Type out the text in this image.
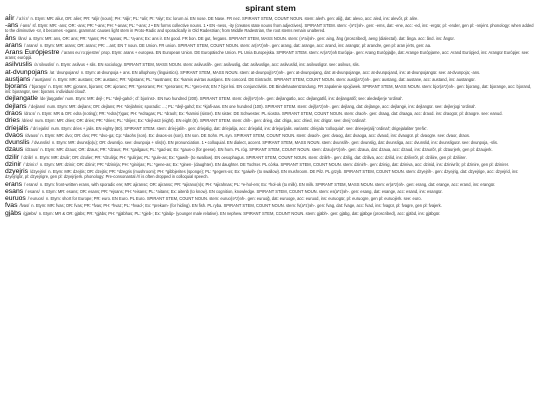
spirant stem
aĺír /ˈaːlʲiːr/ n. Etym: MR: aliur, OR: alier; PR: *aljir (noun); PH: *aljir; PL: *alir; PI: *alyr; Ex: lorum ai. EN nose. DE Nase. FR nez. SPIRANT STEM, COUNT NOUN. stem: alerh. gen: aliğ, dat: alevo, acc: aled, ins: alevőr, pl: alire.
-ans /-ans/ sf. Etym: MR: -ans; OR: -ans; PR: *-ans; PH: *-anas; PL: *-ans; J • EN forms collective nouns. 1 • EN -ness, -ity (creates state nouns from adjectives). SPIRANT STEM. stem: -(ə*z)əh-. gen: -ems, dat: -ene, acc: -ed, ins: -ergür, pl: -ender, gen pl: -ənjėnt. phonology: when added to the diminutive -ür, it becomes -əgans. grammar: causes light stem in Proto-Radic and sporadically in Old Radestrian; from Middle Radestrian, the root stems remain unaltered.
ǻns /ãns/ a. Etym: MR: ans, OR: ans; PR: *ąans; PH: *ąanas; PL: *ą-ans; Ex: ans ir. EN good. FR bon. DE gut, fergans. SPIRANT STEM, MASS NOUN. stem: (ə*ai)əh-. gen: aing, ăng (proscribed), aeng (dialectal). dat: ånga. acc: ånd. ins: ångür.
arans /ˈarans/ n. Etym: MR: arans; OR: aranc; PR: ...ant; EN 7 noun. DE Union. FR union. SPIRANT STEM, COUNT NOUN. stem: ar(ə*z)əh-. gen: arang, dat: arange, acc: arand, ins: arangür, pl: arandre, gen pl: aran jėrts, gen: aa.
Arans Európjestre /ˈarans euˈroːpjestre/ prop. Etym: arans + europea. EN European Union. DE Europäische Union. PL Unia Europejska. SPIRANT STEM. stem: Ar(a*z)əh Európja-. gen: Arang Európjağe, dat: Arange Európjame, acc: Arand Európjed, ins: Arangür Európjer. see: arans; európjá.
asilvuslis /aˈsilvuslis/ n. Etym: asilvus + slis. EN sociology. SPIRANT STEM, MASS NOUN. stem: asilvuslih-. gen: asilvuslig, dat: asilvuslige, acc: asilvuslid, ins: asilvusligür. see: asilvus, slis.
at-dvunpojans /at ˈdvunpojans/ n. Etym: at-dvunpoja + ans. EN allophony (linguistics). SPIRANT STEM, MASS NOUN. stem: at-dvunpoj(ə*z)əh-. gen: at-dvunpojang, dat: at-dvunpojange, acc: at-dvunpojand, ins: at-dvunpojangür. see: at-dvunpoja; -ans.
austjans /ˈaustjans/ n. Etym: MR: austans; OR: austanc; PR: *aþstans; PL: *austnans; Ex: *kamis avirtas austjans. EN concord. DE Eintracht. SPIRANT STEM, COUNT NOUN. stem: austj(a*z)əh-. gen: austang, dat: austane, acc: austand, ins: austangür.
bjorans /ˈbjoran̪s/ n. Etym: MR: gjorans, bjorans; OR: ajoranc; PR: *gerorans; PH: *gerorans; PL: *gero-mā; EN 7 bjor ksi. EN conjunctivitis. DE Bindehautentzündung. FR zapalenie spojówek. SPIRANT STEM, MASS NOUN. stem: bjor(a*z)əh-. gen: bjorang, dat: bjorange, acc: bjorand, ins: bjorangür, see: bjorans. individual cloud'.
dejlangatle /deˈjlaŋgatle/ num. Etym: MR: dejl-; PL: *dejl-gahd-; cf: bjorinst-. EN two hundred (200). SPIRANT STEM. stem: dejl(ə*z)əh-. gen: dejlangatlo, acc: dejlangatlő, ins: dejlangatlő; see: alededjerje 'ordinal'.
dejlans /ˈdejlans/ num. Etym: MR: dejlans; OR: dejlans; PH: *dejlahnis; sporadic: ...; PL: *dejl-gahd; Ex: *kjafi-aas. EN one hundred (100). SPIRANT STEM. stem: dejl(a*z)əh-. gen: dejlang, dat: dejlange, acc: dejlangė, ins: dejlangür. see: dejlerjogi 'ordinal'.
draos /dra:s/ n. Etym: MR & OR: edra (noting); PR: *edra(?)gas; PH: *edragas; PL: *draoh; Ex: *kamisi (sister). EN sister. DE Schwester. PL siostra. SPIRANT STEM, COUNT NOUN. stem: draoh-. gen: draag, dat: draaga, acc: draod. ins: draogür, pl: draogre. see: eanud.
dries /dries/ num. Etym: MR: dries; OR: dries; PR: *dries; PL: *drijes; Ex: *dejl-as3 (eight). EN eight (8). SPIRANT STEM. stem: drih-. gen: drieg, dat: driga, acc: dried, ins: drigür. see: dreij 'ordinal'.
dríejalis /ˈdriːejalis/ num. Etym: dries + jalis. EN eighty (80). SPIRANT STEM. stem: dríej-jalih-. gen: dríejalig, dat: dríejalija, acc: dríejalid, ins: dríejurijalis. variants: dríejala 'colloquial'. see: drieejerjalij 'ordinal'; drigejalaliter 'prefix'.
dvaos /dvaos/ n. Etym: MR: dvo; OR: dvo; PR: *dvo-ga; Cp: *daohs (son). Ex: dvaos-os (son). EN son. DE Sohn. PL syn. SPIRANT STEM, COUNT NOUN. stem: dvaoh-. gen: dvaog, dat: dvaoga, acc: dvaod, ins: dvaogür. pl: dvaogre. see: dvaor, draos.
dvunslis /ˈdvunslis/ n. Etym: MR: dvunsljo(u); OR: dvunsljo. see: dvunpoja + slis(s). EN pronunciation. 1 • colloquial. EN dialect, accent. SPIRANT STEM, MASS NOUN. stem: dvunslih-. gen: dvunslig, dat: dvunsliga, acc: dvunslid, ins: dvunsliguür. see: dvunpoja, -slis.
dzaus /dzaus/ n. Etym: MR: dzaus; OR: dzaus; PR: *dzaus; PH: *gailgaus; PL: *gad-as; Ex: *gaus-o (for geese). EN horn. PL róg. SPIRANT STEM, COUNT NOUN. stem: dzau(ə*z)əh-. gen: dzaua, dat: dzaua, acc: dzaud, ins: dzaurõr, pl: dzaurjerk, gen pl: dzaujerk.
dzilir /ˈdzilir/ n. Etym: MR: dzulir; OR: dzulier; PR: *dzulirja; PH: *gulirjas; PL: *gule-as; Ex: *gawih- (to swallow). EN oesophagus. SPIRANT STEM, COUNT NOUN. stem: dzilirh-. gen: dzilig, dat: dziliva, acc: dzilid, ins: dzilivrõr, pl: dziliire, gen pl: dziliirer.
dzinir /ˈdziniːr/ n. Etym: MR: dzinir; OR: dzinir; PR: *dzinirja; PH: *ginirjas; PL: *gene-as; Ex: *ginen- (daughter). EN daughter. DE Tochter. PL córka. SPIRANT STEM, COUNT NOUN. stem: dzinirh-. gen: dzinig, dat: dziniva, acc: dzinid, ins: dzinivrõr, pl: dzinire, gen pl: dzinirer.
dzyejris /dzyejris/ n. Etym: MR: dzejtis; OR: dzejtis; PR: *dzegris (mushroom); PH: *gibbjerites (sponge); PL: *gegers-os; Ex: *gaiwih- (to swallow). EN mushroom. DE Pilz. PL grzyb. SPIRANT STEM, COUNT NOUN. stem: dzyejrih-. gen: dzyejrig, dat: dzyejrige, acc: dzyejrid, ins: dzyejrigür, pl: dzyejrigre, gen pl: dzyejrijerk. phonology: Pre-consonantal /r/ is often dropped in colloquial speech.
erans /ˈerans/ n. Etym: front-written erans, with sporadic ere; MR: ajiransc; OR: ajiransc; PR: *ajirano(n)s; PH: *ajirahnas; PL: *e-hol-em; Ex: *hol-ok (to milk). EN milk. SPIRANT STEM, MASS NOUN. stem: er(a*z)əh-. gen: erang, dat: erange, acc: erand, ins: erangür.
esans /ˈesans/ n. Etym: MR: esans; OR: esans; PR: *ejsans; PH: *eisans; PL: *aitans; Ex: aitenb (to know). EN cognition, knowledge. SPIRANT STEM, COUNT NOUN. stem: es(a*z)əh-. gen: esang, dat: esange, acc: esand, ins: esangür.
euruos /ˈeuruos/ n. Etym: short for Europe; PR: euro. EN Euro. PL Euro. SPIRANT STEM, COUNT NOUN. stem: euruo(ə*z)əh-. gen: euruoğ, dat: euruoge, acc: euruod, ins: euruogür, pl: euruogre, gen pl: euruojėrk. see: euro.
fvas /fvas/ n. Etym: MR: fvas; OR: fvas; PR: *fvas; PH: *hvaz; PL: *hvad-; Ex: *prekam- (for hiding). EN fish. PL ryba. SPIRANT STEM, COUNT NOUN. stem: fv(a*z)əh-. gen: fvag, dat: fvage, acc: fvad, ins: fvagür, pl: fvagre, gen pl: fvajerk.
gjäbs /gjæbs/ n. Etym: MR & OR: gjäbs; PR: *gjäbs; PH: *gjäbhas; PL: *gjeb-; Ex: *glaŭp- (younger male relative). EN nephew. SPIRANT STEM, COUNT NOUN. stem: gjäbh-. gen: gjäbg, dat: gjäbge (proscribed), acc: gjäbd, ins: gjäbgür.
